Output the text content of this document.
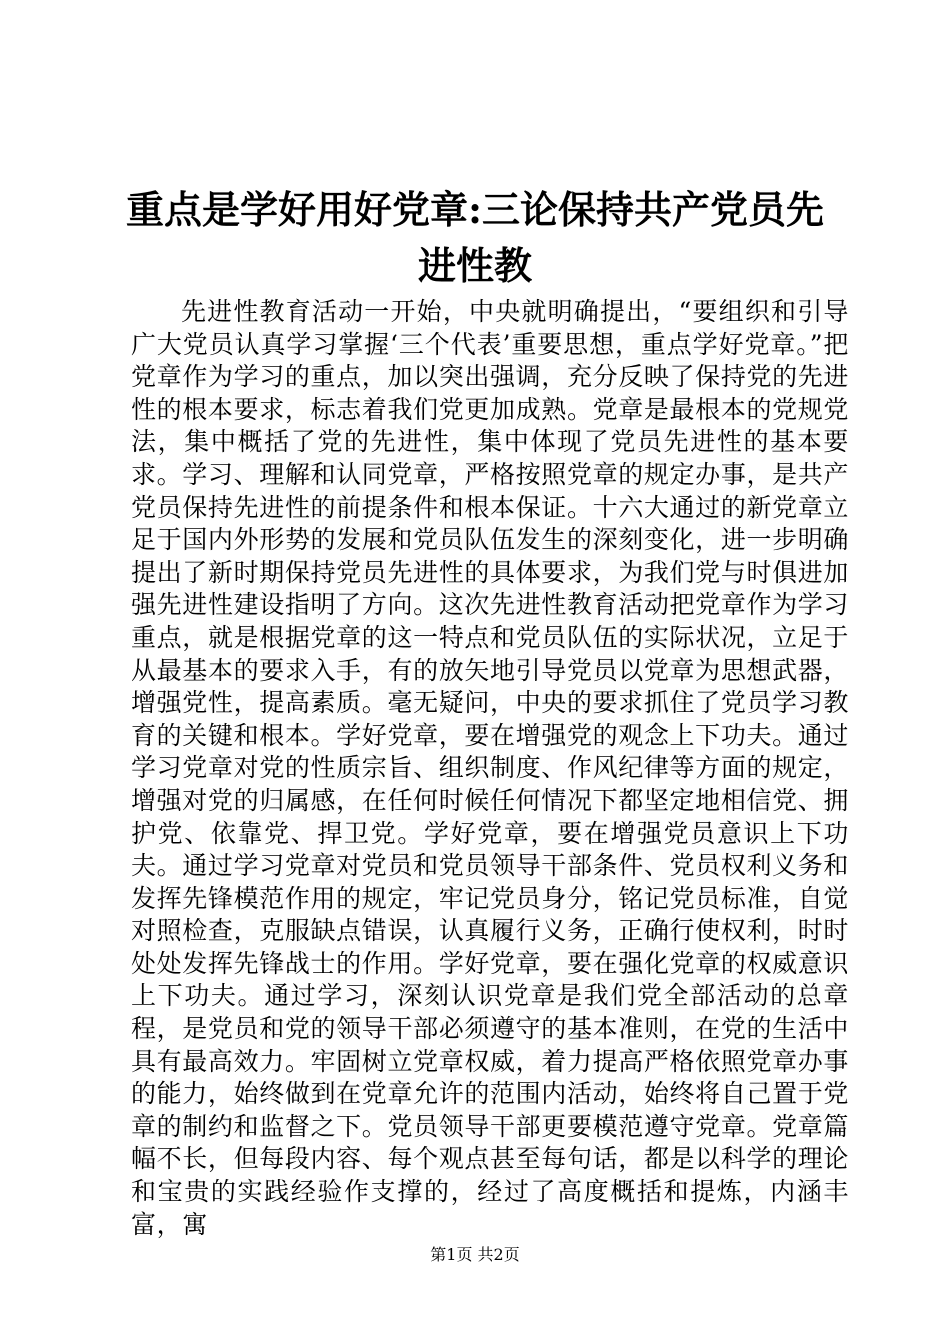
重点是学好用好党章:三论保持共产党员先进性教

先进性教育活动一开始，中央就明确提出，“要组织和引导广大党员认真学习掌握‘三个代表’重要思想，重点学好党章。”把党章作为学习的重点，加以突出强调，充分反映了保持党的先进性的根本要求，标志着我们党更加成熟。党章是最根本的党规党法，集中概括了党的先进性，集中体现了党员先进性的基本要求。学习、理解和认同党章，严格按照党章的规定办事，是共产党员保持先进性的前提条件和根本保证。十六大通过的新党章立足于国内外形势的发展和党员队伍发生的深刻变化，进一步明确提出了新时期保持党员先进性的具体要求，为我们党与时俱进加强先进性建设指明了方向。这次先进性教育活动把党章作为学习重点，就是根据党章的这一特点和党员队伍的实际状况，立足于从最基本的要求入手，有的放矢地引导党员以党章为思想武器，增强党性，提高素质。毫无疑问，中央的要求抓住了党员学习教育的关键和根本。学好党章，要在增强党的观念上下功夫。通过学习党章对党的性质宗旨、组织制度、作风纪律等方面的规定，增强对党的归属感，在任何时候任何情况下都坚定地相信党、拥护党、依靠党、捍卫党。学好党章，要在增强党员意识上下功夫。通过学习党章对党员和党员领导干部条件、党员权利义务和发挥先锋模范作用的规定，牢记党员身分，铭记党员标准，自觉对照检查，克服缺点错误，认真履行义务，正确行使权利，时时处处发挥先锋战士的作用。学好党章，要在强化党章的权威意识上下功夫。通过学习，深刻认识党章是我们党全部活动的总章程，是党员和党的领导干部必须遵守的基本准则，在党的生活中具有最高效力。牢固树立党章权威，着力提高严格依照党章办事的能力，始终做到在党章允许的范围内活动，始终将自己置于党章的制约和监督之下。党员领导干部更要模范遵守党章。党章篇幅不长，但每段内容、每个观点甚至每句话，都是以科学的理论和宝贵的实践经验作支撑的，经过了高度概括和提炼，内涵丰富，寓

第1页 共2页
